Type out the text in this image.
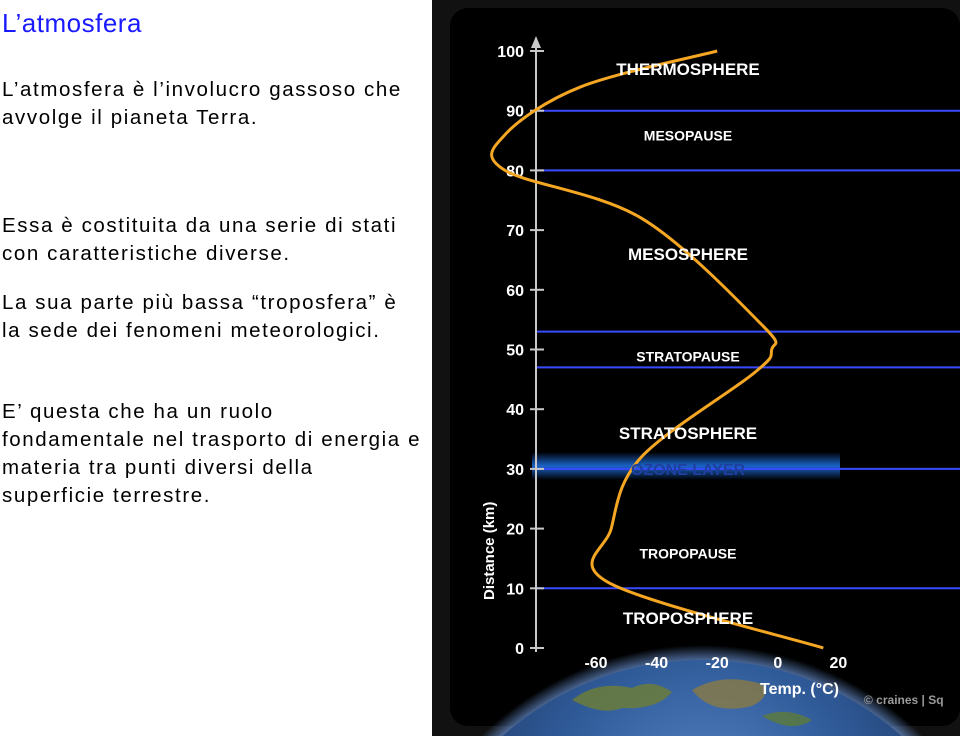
L’atmosfera

L’atmosfera è l’involucro gassoso che avvolge il pianeta Terra.

Essa è costituita da una serie di stati con caratteristiche diverse.

La sua parte più bassa “troposfera” è la sede dei fenomeni meteorologici.

E’ questa che ha un ruolo fondamentale nel trasporto di energia e materia tra punti diversi della superficie terrestre.

0
10
20
30
40
50
60
70
80
90
100
-60 -40 -20	0	20
THERMOSPHERE
MESOPAUSE
MESOSPHERE
STRATOPAUSE
STRATOSPHERE
OZONE LAYER
TROPOPAUSE
TROPOSPHERE
Distance (km)
Temp. (°C)
© craines | Sq
